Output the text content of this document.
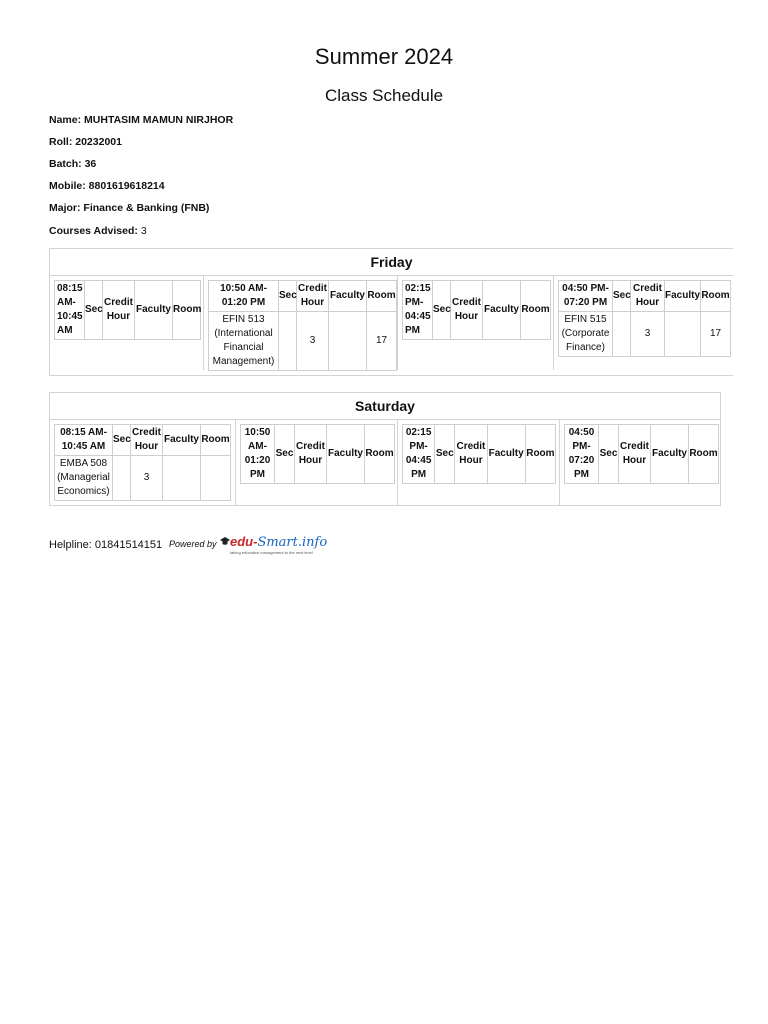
Summer 2024
Class Schedule
Name: MUHTASIM MAMUN NIRJHOR
Roll: 20232001
Batch: 36
Mobile: 8801619618214
Major: Finance & Banking (FNB)
Courses Advised: 3
Friday
08:15 AM- 10:45 AM	Sec	Credit Hour	Faculty	Room
10:50 AM- 01:20 PM	Sec	Credit Hour	Faculty	Room
EFIN 513 (International Financial Management)		3		17
02:15 PM- 04:45 PM	Sec	Credit Hour	Faculty	Room
04:50 PM- 07:20 PM	Sec	Credit Hour	Faculty	Room
EFIN 515 (Corporate Finance)		3		17
Saturday
08:15 AM- 10:45 AM	Sec	Credit Hour	Faculty	Room
EMBA 508 (Managerial Economics)		3		
10:50 AM- 01:20 PM	Sec	Credit Hour	Faculty	Room
02:15 PM- 04:45 PM	Sec	Credit Hour	Faculty	Room
04:50 PM- 07:20 PM	Sec	Credit Hour	Faculty	Room
Helpline: 01841514151 Powered by	edu-Smart.info
taking education management to the next level
